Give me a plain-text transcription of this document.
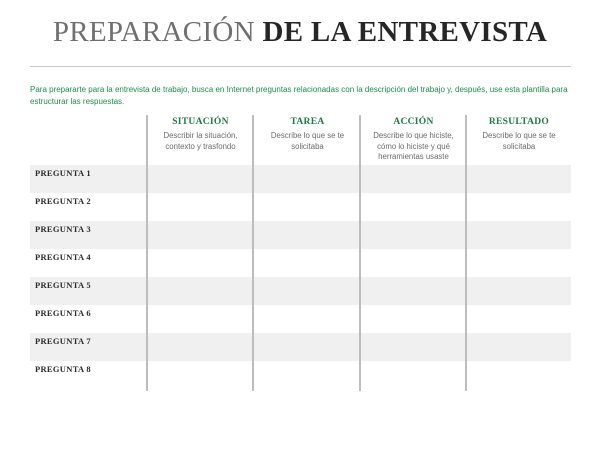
PREPARACIÓN DE LA ENTREVISTA
Para prepararte para la entrevista de trabajo, busca en Internet preguntas relacionadas con la descripción del trabajo y, después, use esta plantilla para estructurar las respuestas.
SITUACIÓN
Describir la situación, contexto y trasfondo
TAREA
Describe lo que se te solicitaba
ACCIÓN
Describe lo que hiciste, cómo lo hiciste y qué herramientas usaste
RESULTADO
Describe lo que se te solicitaba
PREGUNTA 1
PREGUNTA 2
PREGUNTA 3
PREGUNTA 4
PREGUNTA 5
PREGUNTA 6
PREGUNTA 7
PREGUNTA 8
